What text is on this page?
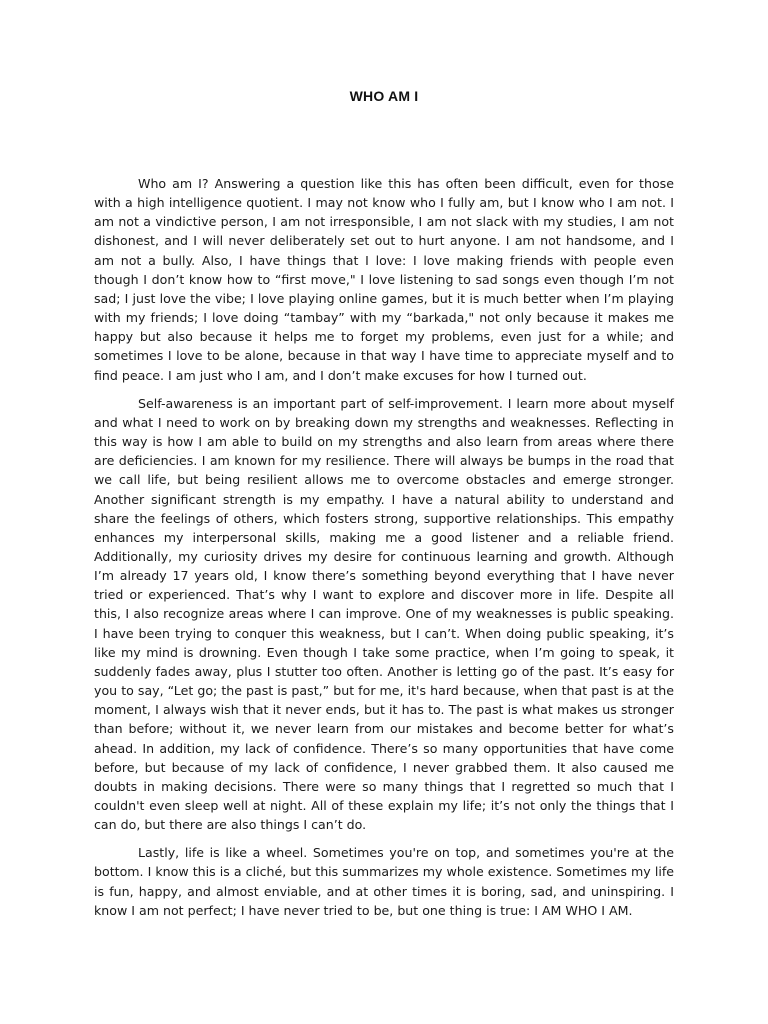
WHO AM I

Who am I? Answering a question like this has often been difficult, even for those with a high intelligence quotient. I may not know who I fully am, but I know who I am not. I am not a vindictive person, I am not irresponsible, I am not slack with my studies, I am not dishonest, and I will never deliberately set out to hurt anyone. I am not handsome, and I am not a bully. Also, I have things that I love: I love making friends with people even though I don’t know how to “first move," I love listening to sad songs even though I’m not sad; I just love the vibe; I love playing online games, but it is much better when I’m playing with my friends; I love doing “tambay” with my “barkada," not only because it makes me happy but also because it helps me to forget my problems, even just for a while; and sometimes I love to be alone, because in that way I have time to appreciate myself and to find peace. I am just who I am, and I don’t make excuses for how I turned out.

Self-awareness is an important part of self-improvement. I learn more about myself and what I need to work on by breaking down my strengths and weaknesses. Reflecting in this way is how I am able to build on my strengths and also learn from areas where there are deficiencies. I am known for my resilience. There will always be bumps in the road that we call life, but being resilient allows me to overcome obstacles and emerge stronger. Another significant strength is my empathy. I have a natural ability to understand and share the feelings of others, which fosters strong, supportive relationships. This empathy enhances my interpersonal skills, making me a good listener and a reliable friend. Additionally, my curiosity drives my desire for continuous learning and growth. Although I’m already 17 years old, I know there’s something beyond everything that I have never tried or experienced. That’s why I want to explore and discover more in life. Despite all this, I also recognize areas where I can improve. One of my weaknesses is public speaking. I have been trying to conquer this weakness, but I can’t. When doing public speaking, it’s like my mind is drowning. Even though I take some practice, when I’m going to speak, it suddenly fades away, plus I stutter too often. Another is letting go of the past. It’s easy for you to say, “Let go; the past is past,” but for me, it's hard because, when that past is at the moment, I always wish that it never ends, but it has to. The past is what makes us stronger than before; without it, we never learn from our mistakes and become better for what’s ahead. In addition, my lack of confidence. There’s so many opportunities that have come before, but because of my lack of confidence, I never grabbed them. It also caused me doubts in making decisions. There were so many things that I regretted so much that I couldn't even sleep well at night. All of these explain my life; it’s not only the things that I can do, but there are also things I can’t do.

Lastly, life is like a wheel. Sometimes you're on top, and sometimes you're at the bottom. I know this is a cliché, but this summarizes my whole existence. Sometimes my life is fun, happy, and almost enviable, and at other times it is boring, sad, and uninspiring. I know I am not perfect; I have never tried to be, but one thing is true: I AM WHO I AM.
